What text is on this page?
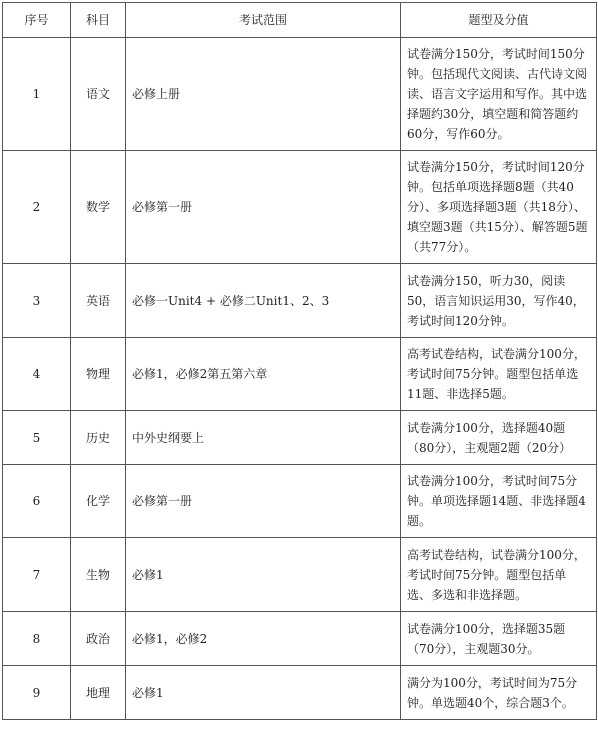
序号	科目	考试范围	题型及分值
1	语文	必修上册	试卷满分150分，考试时间150分钟。包括现代文阅读、古代诗文阅读、语言文字运用和写作。其中选择题约30分，填空题和简答题约60分，写作60分。
2	数学	必修第一册	试卷满分150分，考试时间120分钟。包括单项选择题8题（共40分）、多项选择题3题（共18分）、填空题3题（共15分）、解答题5题（共77分）。
3	英语	必修一Unit4 + 必修二Unit1、2、3	试卷满分150，听力30，阅读50，语言知识运用30，写作40，考试时间120分钟。
4	物理	必修1，必修2第五第六章	高考试卷结构，试卷满分100分，考试时间75分钟。题型包括单选11题、非选择5题。
5	历史	中外史纲要上	试卷满分100分，选择题40题（80分），主观题2题（20分）
6	化学	必修第一册	试卷满分100分，考试时间75分钟。单项选择题14题、非选择题4题。
7	生物	必修1	高考试卷结构，试卷满分100分，考试时间75分钟。题型包括单选、多选和非选择题。
8	政治	必修1，必修2	试卷满分100分，选择题35题（70分），主观题30分。
9	地理	必修1	满分为100分，考试时间为75分钟。单选题40个，综合题3个。
